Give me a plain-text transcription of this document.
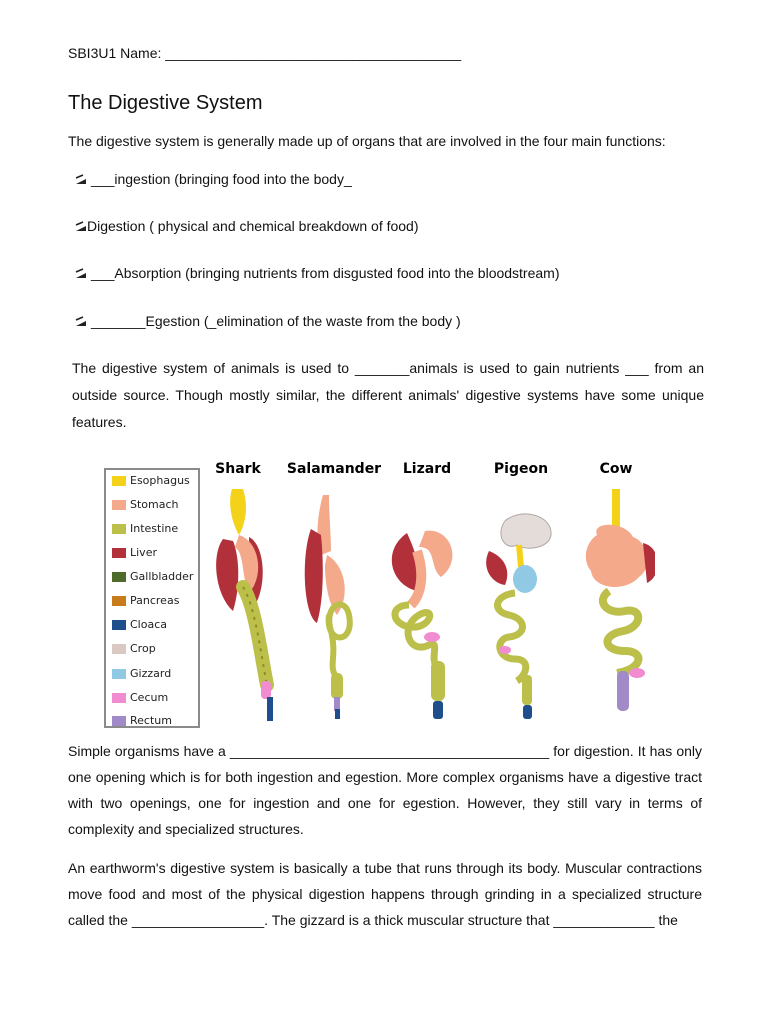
SBI3U1 Name: ______________________________________
The Digestive System
The digestive system is generally made up of organs that are involved in the four main functions:
___ingestion (bringing food into the body_
Digestion ( physical and chemical breakdown of food)
___Absorption (bringing nutrients from disgusted food into the bloodstream)
_______Egestion (_elimination of the waste from the body )
The digestive system of animals is used to _______animals is used to gain nutrients ___ from an outside source. Though mostly similar, the different animals' digestive systems have some unique features.
Esophagus
Stomach
Intestine
Liver
Gallbladder
Pancreas
Cloaca
Crop
Gizzard
Cecum
Rectum
Shark Salamander Lizard	Pigeon	Cow
Simple organisms have a _________________________________________ for digestion. It has only one opening which is for both ingestion and egestion. More complex organisms have a digestive tract with two openings, one for ingestion and one for egestion. However, they still vary in terms of complexity and specialized structures.
An earthworm's digestive system is basically a tube that runs through its body. Muscular contractions move food and most of the physical digestion happens through grinding in a specialized structure called the _________________. The gizzard is a thick muscular structure that _____________ the
